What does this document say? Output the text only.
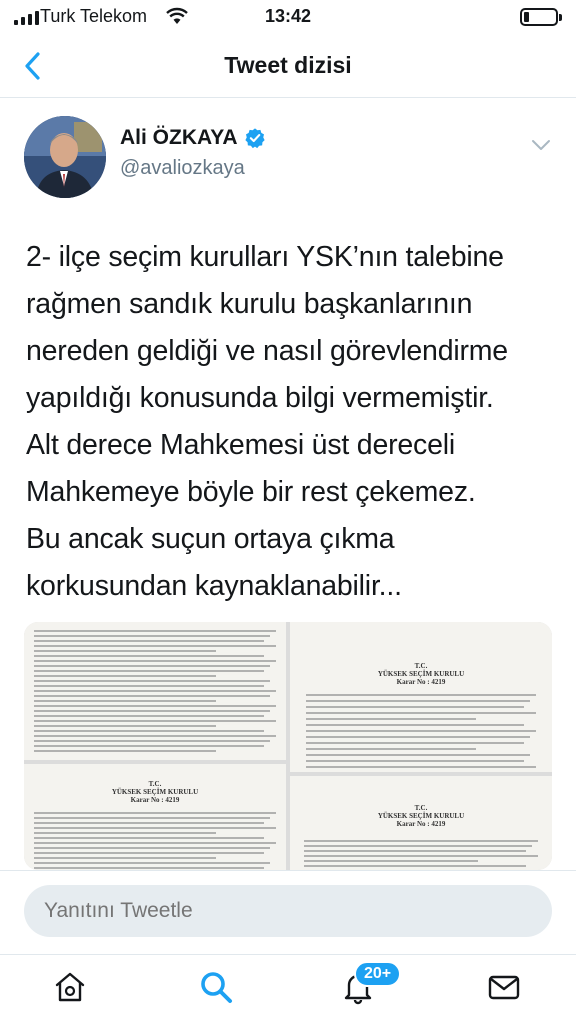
Turk Telekom	13:42
Tweet dizisi
Ali ÖZKAYA
@avaliozkaya
2- ilçe seçim kurulları YSK’nın talebine
rağmen sandık kurulu başkanlarının
nereden geldiği ve nasıl görevlendirme
yapıldığı konusunda bilgi vermemiştir.
Alt derece Mahkemesi üst dereceli
Mahkemeye böyle bir rest çekemez.
Bu ancak suçun ortaya çıkma
korkusundan kaynaklanabilir...
T.C.
YÜKSEK SEÇİM KURULU
Karar No : 4219
T.C.
YÜKSEK SEÇİM KURULU
Karar No : 4219
T.C.
YÜKSEK SEÇİM KURULU
Karar No : 4219
Yanıtını Tweetle
20+
